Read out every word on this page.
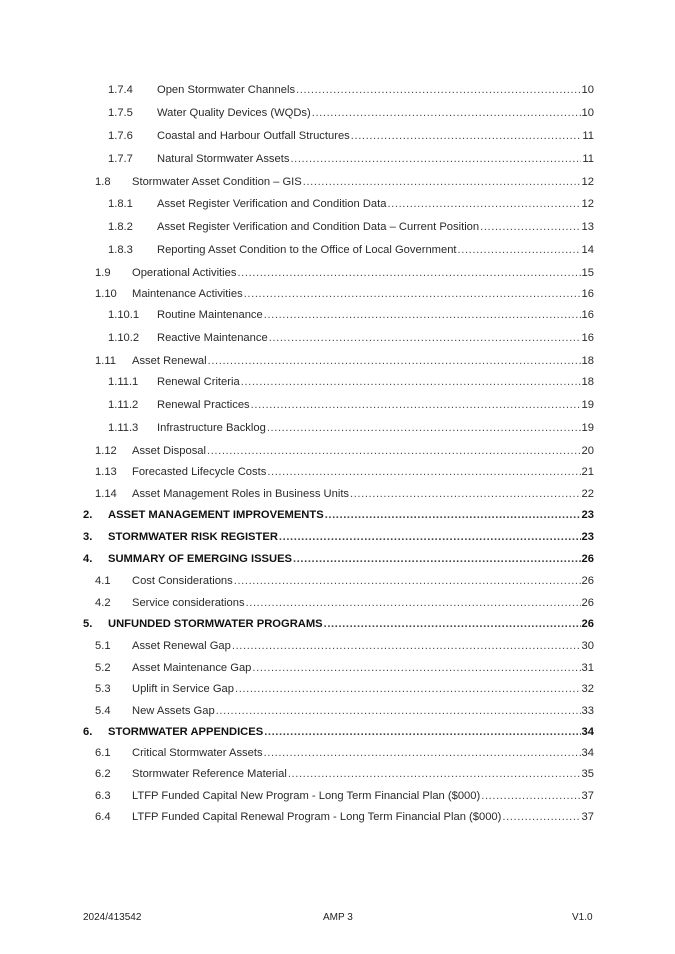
1.7.4 Open Stormwater Channels .....	10
1.7.5 Water Quality Devices (WQDs) .....	10
1.7.6 Coastal and Harbour Outfall Structures .....	11
1.7.7 Natural Stormwater Assets .....	11
1.8 Stormwater Asset Condition – GIS .....	12
1.8.1 Asset Register Verification and Condition Data .....	12
1.8.2 Asset Register Verification and Condition Data – Current Position .....	13
1.8.3 Reporting Asset Condition to the Office of Local Government .....	14
1.9 Operational Activities .....	15
1.10 Maintenance Activities .....	16
1.10.1 Routine Maintenance .....	16
1.10.2 Reactive Maintenance .....	16
1.11 Asset Renewal .....	18
1.11.1 Renewal Criteria .....	18
1.11.2 Renewal Practices .....	19
1.11.3 Infrastructure Backlog .....	19
1.12 Asset Disposal .....	20
1.13 Forecasted Lifecycle Costs .....	21
1.14 Asset Management Roles in Business Units .....	22
2. ASSET MANAGEMENT IMPROVEMENTS .....	23
3. STORMWATER RISK REGISTER .....	23
4. SUMMARY OF EMERGING ISSUES .....	26
4.1 Cost Considerations .....	26
4.2 Service considerations .....	26
5. UNFUNDED STORMWATER PROGRAMS .....	26
5.1 Asset Renewal Gap .....	30
5.2 Asset Maintenance Gap .....	31
5.3 Uplift in Service Gap .....	32
5.4 New Assets Gap .....	33
6. STORMWATER APPENDICES .....	34
6.1 Critical Stormwater Assets .....	34
6.2 Stormwater Reference Material .....	35
6.3 LTFP Funded Capital New Program - Long Term Financial Plan ($000) .....	37
6.4 LTFP Funded Capital Renewal Program - Long Term Financial Plan ($000) .....	37
2024/413542	AMP 3	V1.0
